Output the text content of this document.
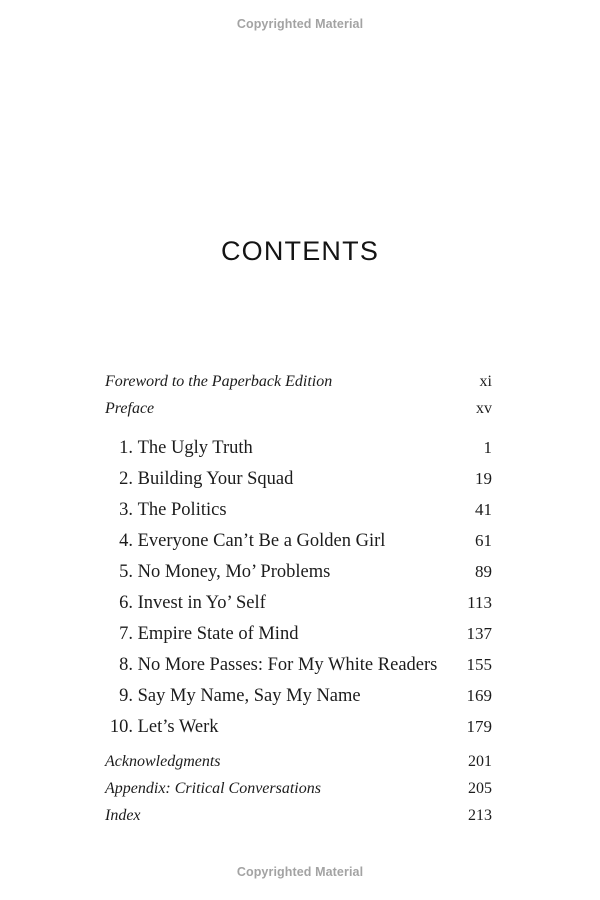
Copyrighted Material
CONTENTS
Foreword to the Paperback Edition	xi
Preface	xv
1.
The Ugly Truth	1
2.
Building Your Squad	19
3.
The Politics	41
4.
Everyone Can’t Be a Golden Girl	61
5.
No Money, Mo’ Problems	89
6.
Invest in Yo’ Self	113
7.
Empire State of Mind	137
8.
No More Passes: For My White Readers 155
9.
Say My Name, Say My Name	169
10.
Let’s Werk	179
Acknowledgments	201
Appendix: Critical Conversations	205
Index	213
Copyrighted Material
